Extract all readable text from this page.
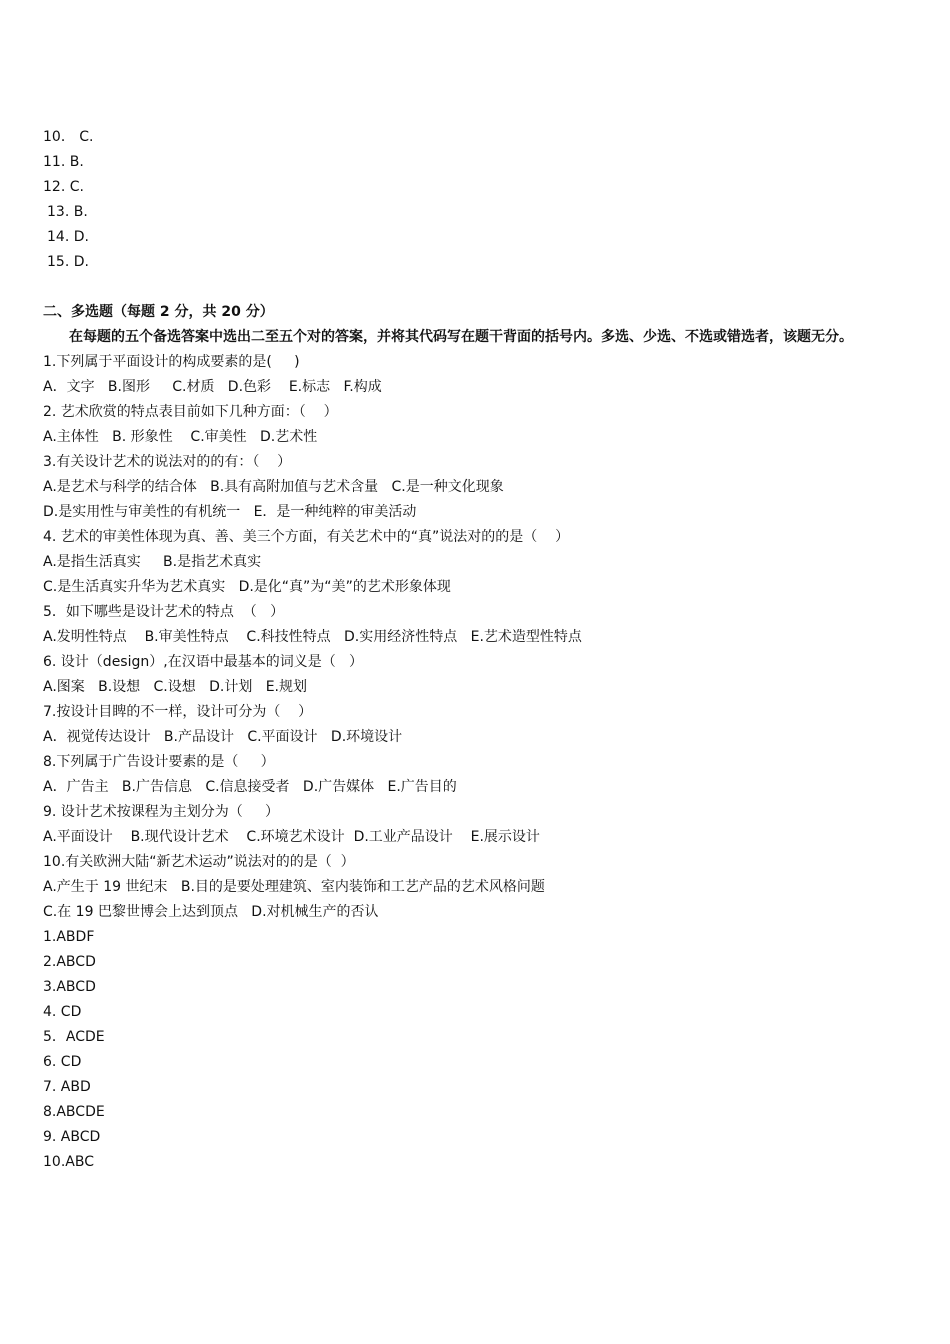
10． C.
11. B.
12. C.
13. B.
14. D.
15. D.
二、多选题（每题 2 分，共 20 分）
在每题的五个备选答案中选出二至五个对的答案，并将其代码写在题干背面的括号内。多选、少选、不选或错选者，该题无分。
1.下列属于平面设计的构成要素的是(     )
A．文字   B.图形     C.材质   D.色彩    E.标志   F.构成
2. 艺术欣赏的特点表目前如下几种方面：（    ）
A.主体性   B. 形象性    C.审美性   D.艺术性
3.有关设计艺术的说法对的的有：（    ）
A.是艺术与科学的结合体   B.具有高附加值与艺术含量   C.是一种文化现象
D.是实用性与审美性的有机统一   E．是一种纯粹的审美活动
4. 艺术的审美性体现为真、善、美三个方面，有关艺术中的“真”说法对的的是（    ）
A.是指生活真实     B.是指艺术真实
C.是生活真实升华为艺术真实   D.是化“真”为“美”的艺术形象体现
5．如下哪些是设计艺术的特点  （   ）
A.发明性特点    B.审美性特点    C.科技性特点   D.实用经济性特点   E.艺术造型性特点
6. 设计（design）,在汉语中最基本的词义是（   ）
A.图案   B.设想   C.设想   D.计划   E.规划
7.按设计目睥的不一样，设计可分为（    ）
A．视觉传达设计   B.产品设计   C.平面设计   D.环境设计
8.下列属于广告设计要素的是（     ）
A．广告主   B.广告信息   C.信息接受者   D.广告媒体   E.广告目的
9. 设计艺术按课程为主划分为（     ）
A.平面设计    B.现代设计艺术    C.环境艺术设计  D.工业产品设计    E.展示设计
10.有关欧洲大陆“新艺术运动”说法对的的是（  ）
A.产生于 19 世纪末   B.目的是要处理建筑、室内装饰和工艺产品的艺术风格问题
C.在 19 巴黎世博会上达到顶点   D.对机械生产的否认
1.ABDF
2.ABCD
3.ABCD
4. CD
5．ACDE
6. CD
7. ABD
8.ABCDE
9. ABCD
10.ABC
